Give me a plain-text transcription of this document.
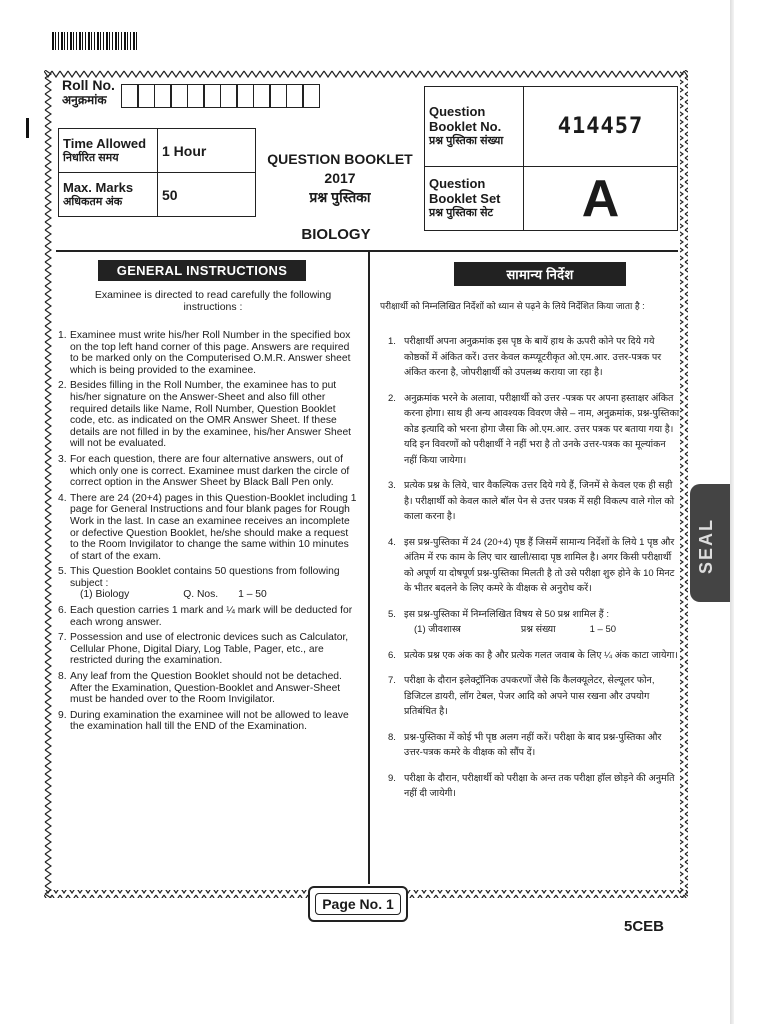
Roll No.
अनुक्रमांक
Time Allowed
निर्धारित समय	1 Hour

Max. Marks
अधिकतम अंक	50
QUESTION BOOKLET
2017
प्रश्न पुस्तिका
BIOLOGY
Question Booklet No.
प्रश्न पुस्तिका संख्या	414457

Question Booklet Set
प्रश्न पुस्तिका सेट	A
GENERAL INSTRUCTIONS
Examinee is directed to read carefully the following instructions :
1. Examinee must write his/her Roll Number in the specified box on the top left hand corner of this page. Answers are required to be marked only on the Computerised O.M.R. Answer sheet which is being provided to the examinee.
2. Besides filling in the Roll Number, the examinee has to put his/her signature on the Answer-Sheet and also fill other required details like Name, Roll Number, Question Booklet code, etc. as indicated on the OMR Answer Sheet. If these details are not filled in by the examinee, his/her Answer Sheet will not be evaluated.
3. For each question, there are four alternative answers, out of which only one is correct. Examinee must darken the circle of correct option in the Answer Sheet by Black Ball Pen only.
4. There are 24 (20+4) pages in this Question-Booklet including 1 page for General Instructions and four blank pages for Rough Work in the last. In case an examinee receives an incomplete or defective Question Booklet, he/she should make a request to the Room Invigilator to change the same within 10 minutes of start of the exam.
5. This Question Booklet contains 50 questions from following subject :
(1) Biology	Q. Nos. 1 – 50
6. Each question carries 1 mark and ¼ mark will be deducted for each wrong answer.
7. Possession and use of electronic devices such as Calculator, Cellular Phone, Digital Diary, Log Table, Pager, etc., are restricted during the examination.
8. Any leaf from the Question Booklet should not be detached. After the Examination, Question-Booklet and Answer-Sheet must be handed over to the Room Invigilator.
9. During examination the examinee will not be allowed to leave the examination hall till the END of the Examination.
सामान्य निर्देश
परीक्षार्थी को निम्नलिखित निर्देशों को ध्यान से पढ़ने के लिये निर्देशित किया जाता है :
1. परीक्षार्थी अपना अनुक्रमांक इस पृष्ठ के बायें हाथ के ऊपरी कोने पर दिये गये कोष्ठकों में अंकित करें। उत्तर केवल कम्प्यूटरीकृत ओ.एम.आर. उत्तर-पत्रक पर अंकित करना है, जोपरीक्षार्थी को उपलब्ध कराया जा रहा है।
2. अनुक्रमांक भरने के अलावा, परीक्षार्थी को उत्तर -पत्रक पर अपना हस्ताक्षर अंकित करना होगा। साथ ही अन्य आवश्यक विवरण जैसे – नाम, अनुक्रमांक, प्रश्न-पुस्तिका कोड इत्यादि को भरना होगा जैसा कि ओ.एम.आर. उत्तर पत्रक पर बताया गया है। यदि इन विवरणों को परीक्षार्थी ने नहीं भरा है तो उनके उत्तर-पत्रक का मूल्यांकन नहीं किया जायेगा।
3. प्रत्येक प्रश्न के लिये, चार वैकल्पिक उत्तर दिये गये हैं, जिनमें से केवल एक ही सही है। परीक्षार्थी को केवल काले बॉल पेन से उत्तर पत्रक में सही विकल्प वाले गोल को काला करना है।
4. इस प्रश्न-पुस्तिका में 24 (20+4) पृष्ठ हैं जिसमें सामान्य निर्देशों के लिये 1 पृष्ठ और अंतिम में रफ काम के लिए चार खाली/सादा पृष्ठ शामिल है। अगर किसी परीक्षार्थी को अपूर्ण या दोषपूर्ण प्रश्न-पुस्तिका मिलती है तो उसे परीक्षा शुरु होने के 10 मिनट के भीतर बदलने के लिए कमरे के वीक्षक से अनुरोध करें।
5. इस प्रश्न-पुस्तिका में निम्नलिखित विषय से 50 प्रश्न शामिल हैं :
(1) जीवशास्त्र	प्रश्न संख्या	1 – 50
6. प्रत्येक प्रश्न एक अंक का है और प्रत्येक गलत जवाब के लिए ¼ अंक काटा जायेगा।
7. परीक्षा के दौरान इलेक्ट्रॉनिक उपकरणों जैसे कि कैलक्यूलेटर, सेल्यूलर फोन, डिजिटल डायरी, लॉग टेबल, पेजर आदि को अपने पास रखना और उपयोग प्रतिबंधित है।
8. प्रश्न-पुस्तिका में कोई भी पृष्ठ अलग नहीं करें। परीक्षा के बाद प्रश्न-पुस्तिका और उत्तर-पत्रक कमरे के वीक्षक को सौंप दें।
9. परीक्षा के दौरान, परीक्षार्थी को परीक्षा के अन्त तक परीक्षा हॉल छोड़ने की अनुमति नहीं दी जायेगी।
SEAL
Page No. 1
5CEB
